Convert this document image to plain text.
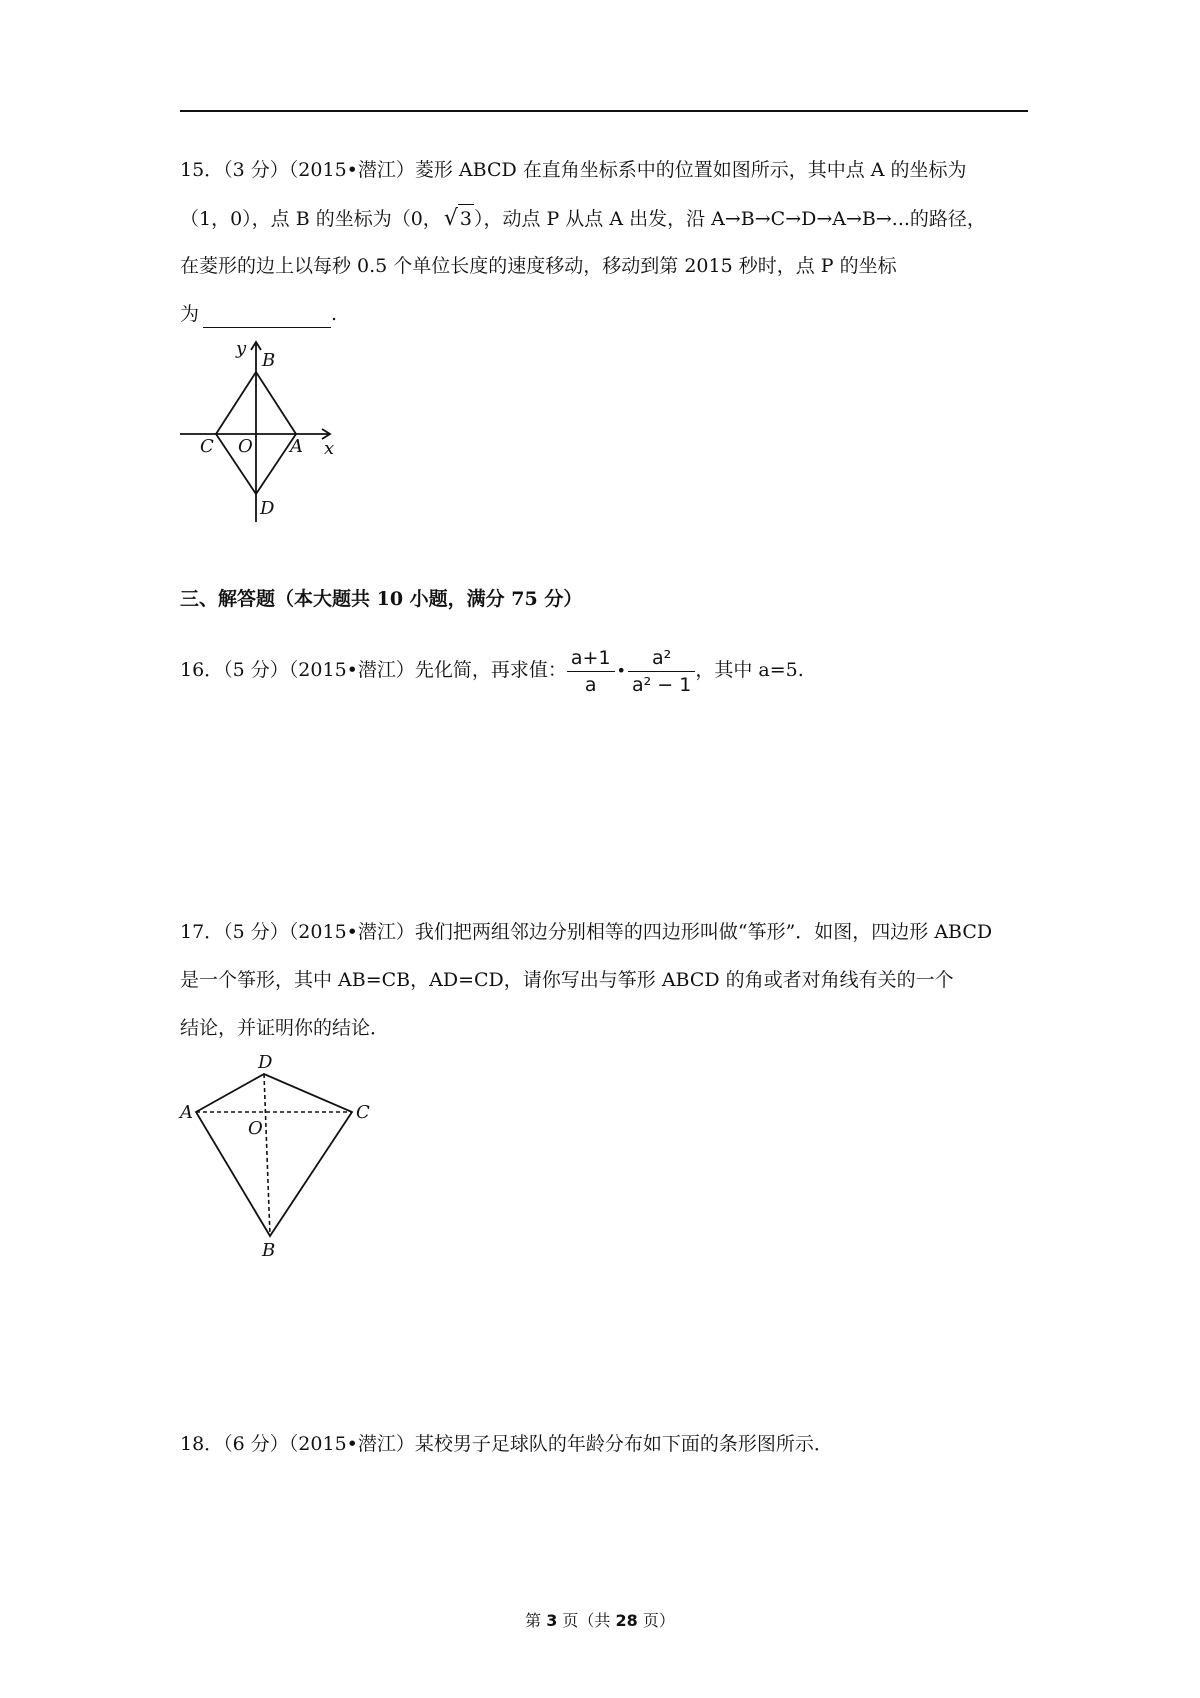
15．（3 分）（2015•潜江）菱形 ABCD 在直角坐标系中的位置如图所示，其中点 A 的坐标为
（1，0），点 B 的坐标为（0，√ 3 ），动点 P 从点 A 出发，沿 A→B→C→D→A→B→...的路径，
在菱形的边上以每秒 0.5 个单位长度的速度移动，移动到第 2015 秒时，点 P 的坐标
为	.
y
B
C O A x
D
三、解答题（本大题共 10 小题，满分 75 分）
16．（5 分）（2015•潜江）先化简，再求值： $\frac{a+1}{a}$ • $\frac{\text{a²}}{\text{a² − 1}}$ ，其中 a=5.
17．（5 分）（2015•潜江）我们把两组邻边分别相等的四边形叫做“筝形”．如图，四边形 ABCD
是一个筝形，其中 AB=CB，AD=CD，请你写出与筝形 ABCD 的角或者对角线有关的一个
结论，并证明你的结论．
D
A
O
C
B
18．（6 分）（2015•潜江）某校男子足球队的年龄分布如下面的条形图所示．
第 3 页（共 28 页）
